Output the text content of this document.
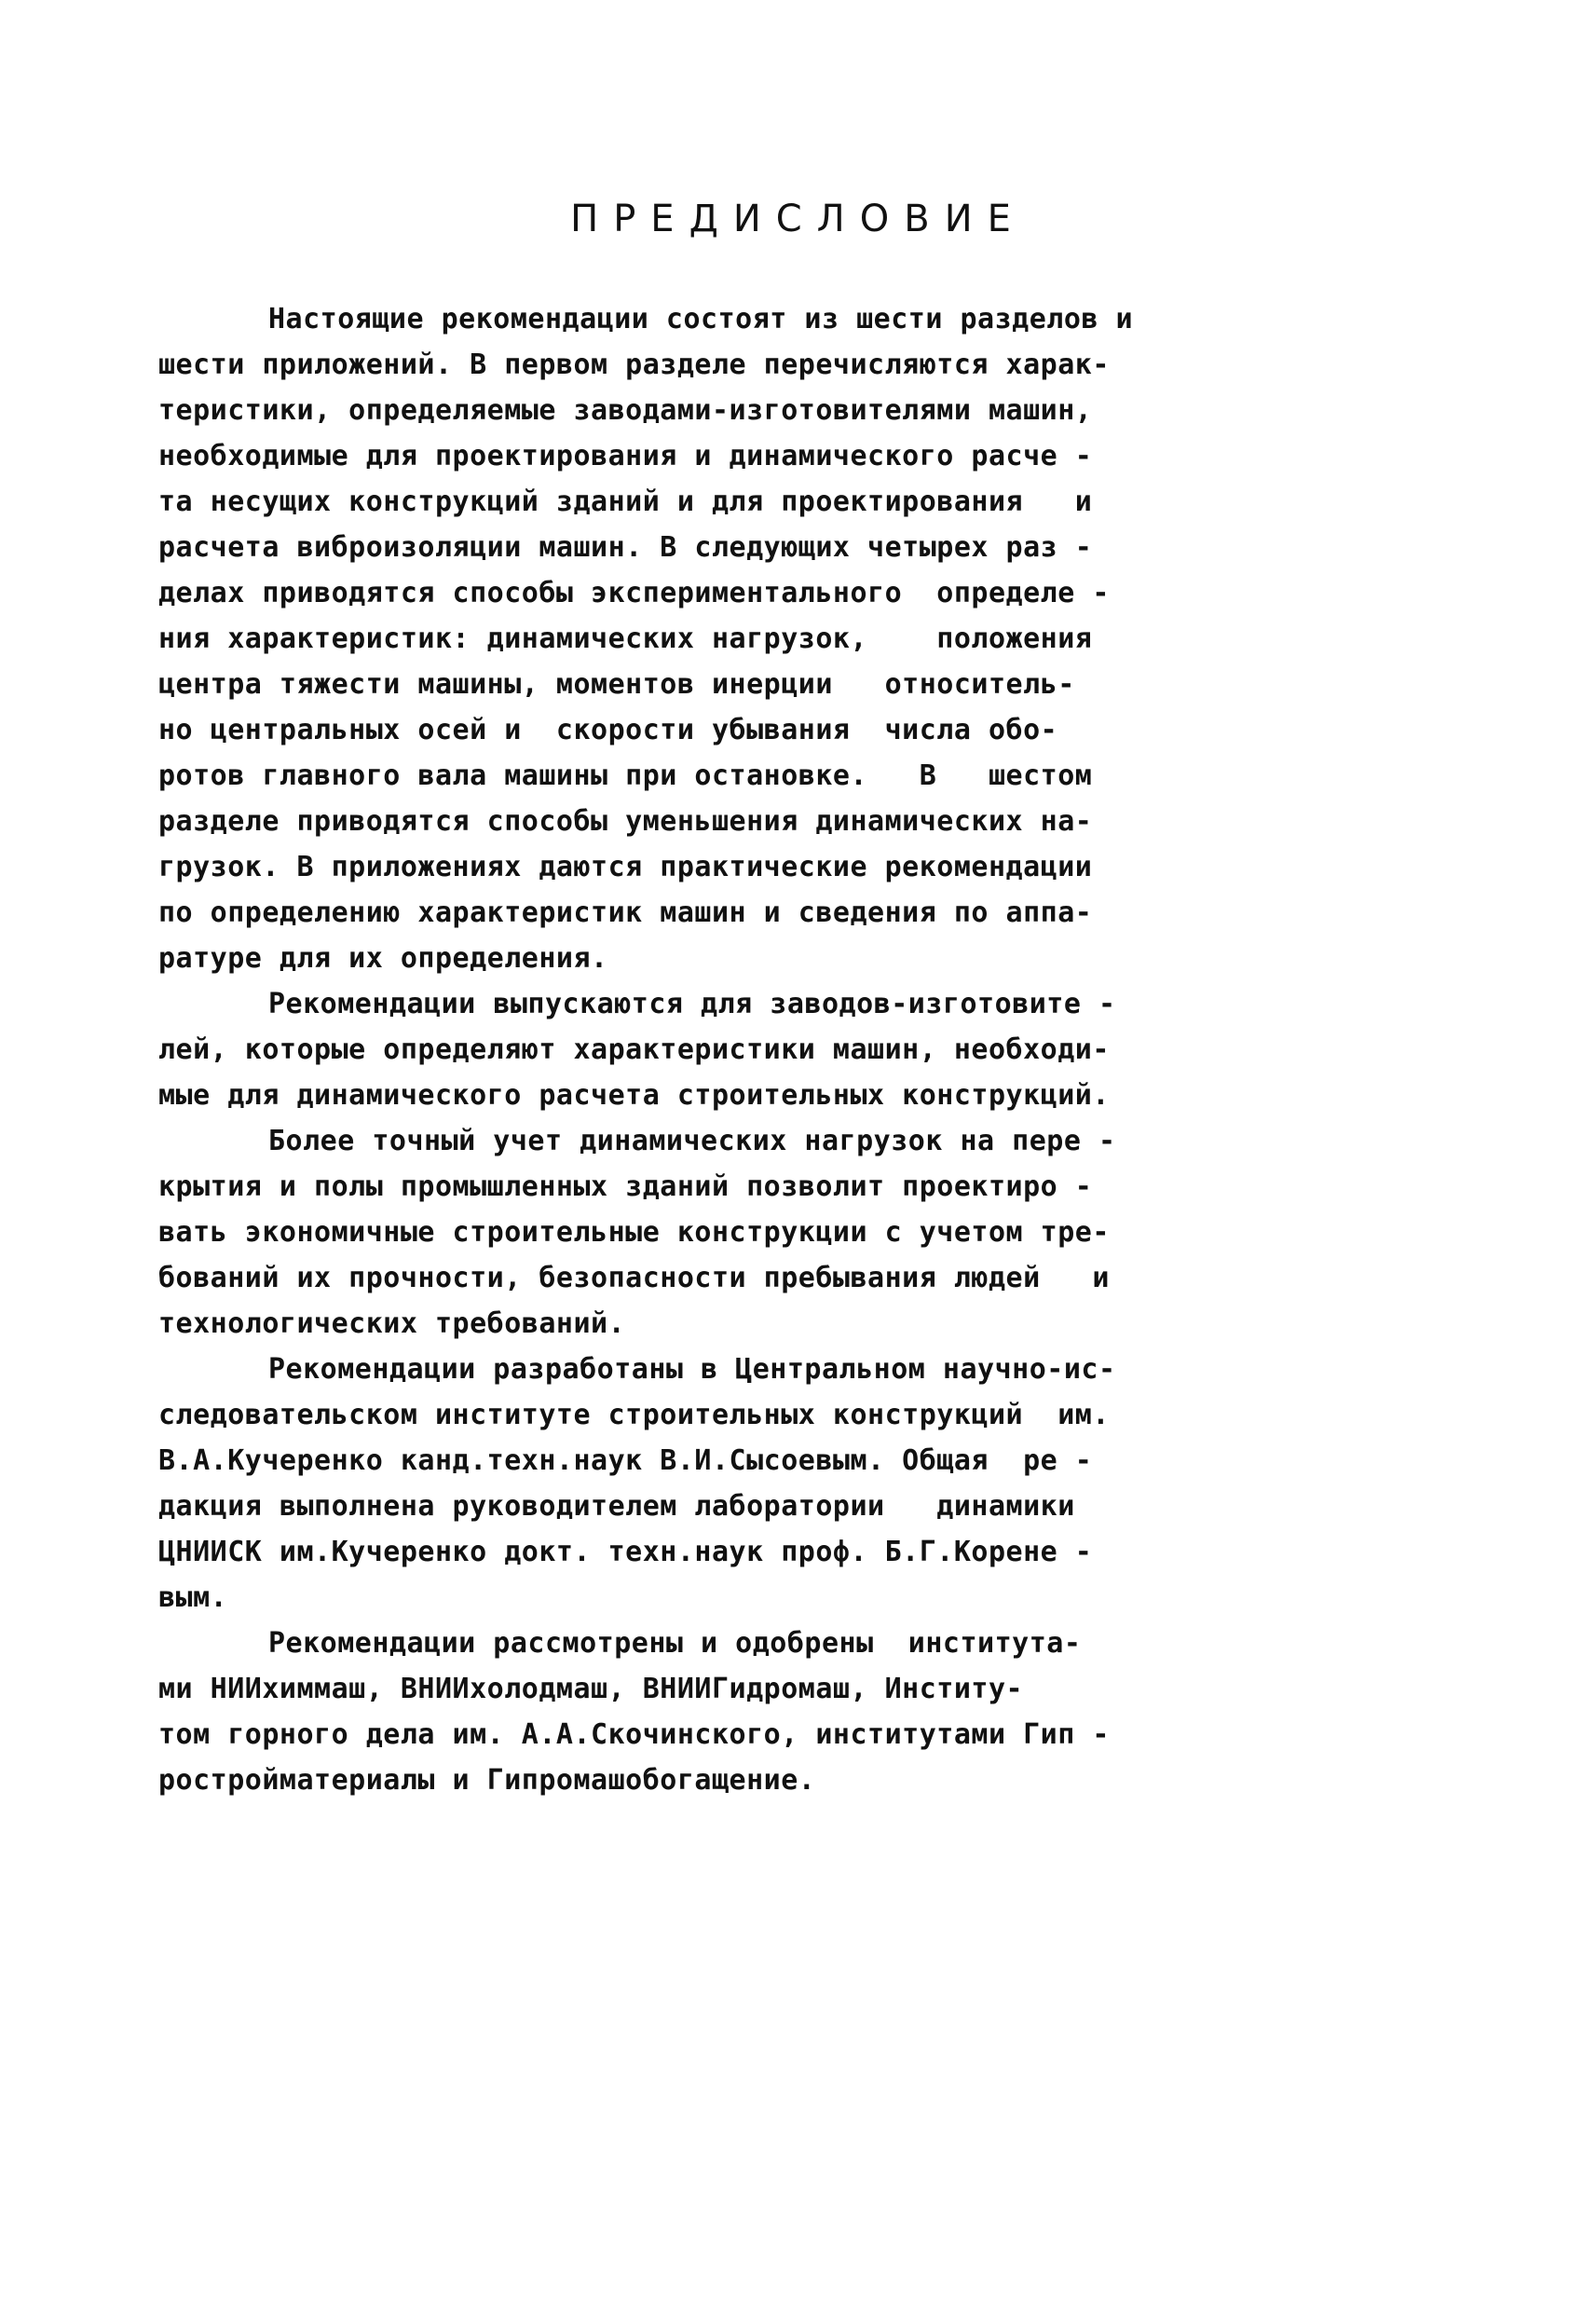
ПРЕДИСЛОВИЕ
Настоящие рекомендации состоят из шести разделов и
шести приложений. В первом разделе перечисляются харак-
теристики, определяемые заводами-изготовителями машин,
необходимые для проектирования и динамического расче -
та несущих конструкций зданий и для проектирования   и
расчета виброизоляции машин. В следующих четырех раз -
делах приводятся способы экспериментального  определе -
ния характеристик: динамических нагрузок,    положения
центра тяжести машины, моментов инерции   относитель-
но центральных осей и  скорости убывания  числа обо-
ротов главного вала машины при остановке.   В   шестом
разделе приводятся способы уменьшения динамических на-
грузок. В приложениях даются практические рекомендации
по определению характеристик машин и сведения по аппа-
ратуре для их определения.
Рекомендации выпускаются для заводов-изготовите -
лей, которые определяют характеристики машин, необходи-
мые для динамического расчета строительных конструкций.
Более точный учет динамических нагрузок на пере -
крытия и полы промышленных зданий позволит проектиро -
вать экономичные строительные конструкции с учетом тре-
бований их прочности, безопасности пребывания людей   и
технологических требований.
Рекомендации разработаны в Центральном научно-ис-
следовательском институте строительных конструкций  им.
В.А.Кучеренко канд.техн.наук В.И.Сысоевым. Общая  ре -
дакция выполнена руководителем лаборатории   динамики
ЦНИИСК им.Кучеренко докт. техн.наук проф. Б.Г.Корене -
вым.
Рекомендации рассмотрены и одобрены  института-
ми НИИхиммаш, ВНИИхолодмаш, ВНИИГидромаш, Институ-
том горного дела им. А.А.Скочинского, институтами Гип -
ростройматериалы и Гипромашобогащение.
